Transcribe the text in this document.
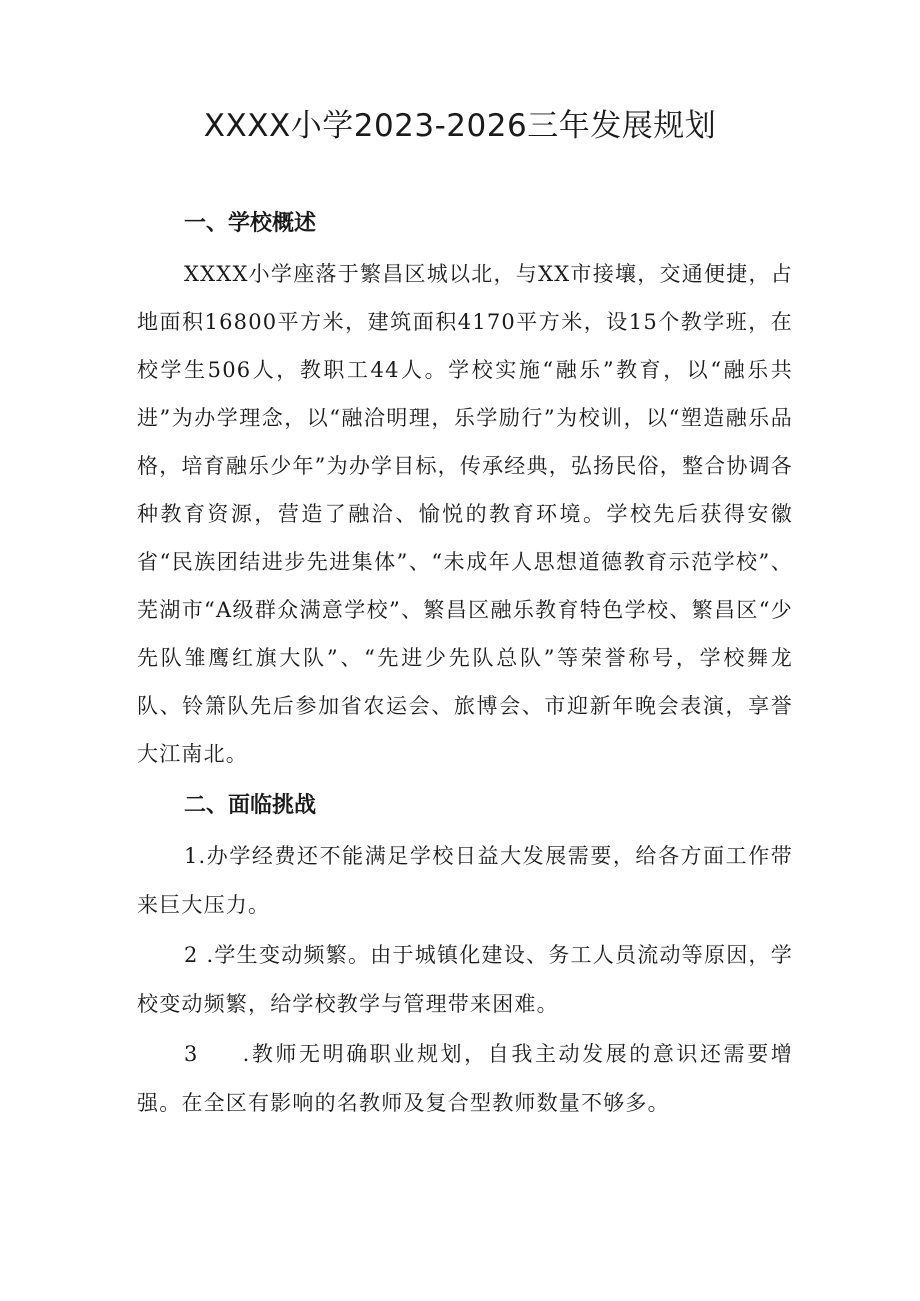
XXXX小学2023-2026三年发展规划
一、学校概述

XXXX小学座落于繁昌区城以北，与XX市接壤，交通便捷，占地面积16800平方米，建筑面积4170平方米，设15个教学班，在校学生506人，教职工44人。学校实施“融乐”教育，以“融乐共进”为办学理念，以“融洽明理，乐学励行”为校训，以“塑造融乐品格，培育融乐少年”为办学目标，传承经典，弘扬民俗，整合协调各种教育资源，营造了融洽、愉悦的教育环境。学校先后获得安徽省“民族团结进步先进集体”、“未成年人思想道德教育示范学校”、芜湖市“A级群众满意学校”、繁昌区融乐教育特色学校、繁昌区“少先队雏鹰红旗大队”、“先进少先队总队”等荣誉称号，学校舞龙队、铃箫队先后参加省农运会、旅博会、市迎新年晚会表演，享誉大江南北。

二、面临挑战

1.办学经费还不能满足学校日益大发展需要，给各方面工作带来巨大压力。

2 .学生变动频繁。由于城镇化建设、务工人员流动等原因，学校变动频繁，给学校教学与管理带来困难。

3 .教师无明确职业规划，自我主动发展的意识还需要增强。在全区有影响的名教师及复合型教师数量不够多。
